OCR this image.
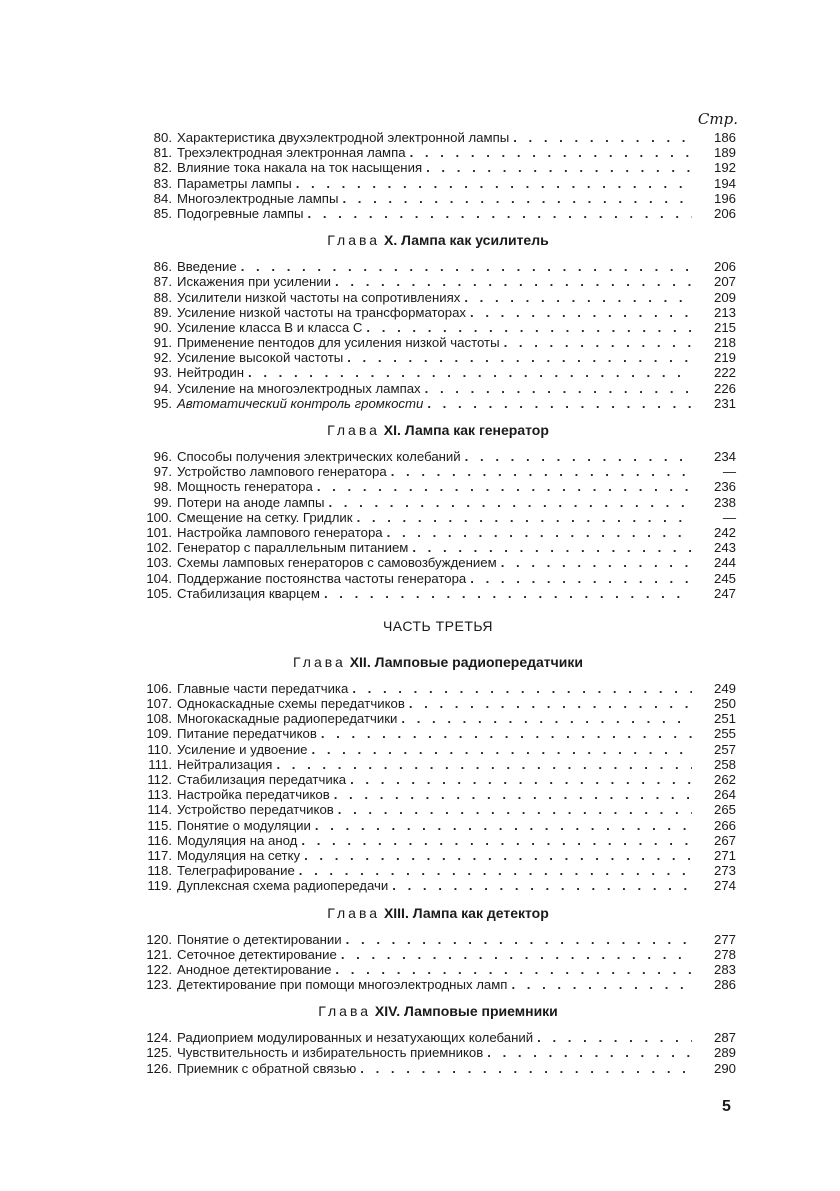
Стр.
80. Характеристика двухэлектродной электронной лампы . . .	186
81. Трехэлектродная электронная лампа . . .	189
82. Влияние тока накала на ток насыщения . . .	192
83. Параметры лампы . . .	194
84. Многоэлектродные лампы . . .	196
85. Подогревные лампы . . .	206
Глава X. Лампа как усилитель
86. Введение . . .	206
87. Искажения при усилении . . .	207
88. Усилители низкой частоты на сопротивлениях . . .	209
89. Усиление низкой частоты на трансформаторах . . .	213
90. Усиление класса B и класса C . . .	215
91. Применение пентодов для усиления низкой частоты . . .	218
92. Усиление высокой частоты . . .	219
93. Нейтродин . . .	222
94. Усиление на многоэлектродных лампах . . .	226
95. Автоматический контроль громкости . . .	231
Глава XI. Лампа как генератор
96. Способы получения электрических колебаний . . .	234
97. Устройство лампового генератора . . .	—
98. Мощность генератора . . .	236
99. Потери на аноде лампы . . .	238
100. Смещение на сетку. Гридлик . . .	—
101. Настройка лампового генератора . . .	242
102. Генератор с параллельным питанием . . .	243
103. Схемы ламповых генераторов с самовозбуждением . . .	244
104. Поддержание постоянства частоты генератора . . .	245
105. Стабилизация кварцем . . .	247
ЧАСТЬ ТРЕТЬЯ
Глава XII. Ламповые радиопередатчики
106. Главные части передатчика . . .	249
107. Однокаскадные схемы передатчиков . . .	250
108. Многокаскадные радиопередатчики . . .	251
109. Питание передатчиков . . .	255
110. Усиление и удвоение . . .	257
111. Нейтрализация . . .	258
112. Стабилизация передатчика . . .	262
113. Настройка передатчиков . . .	264
114. Устройство передатчиков . . .	265
115. Понятие о модуляции . . .	266
116. Модуляция на анод . . .	267
117. Модуляция на сетку . . .	271
118. Телеграфирование . . .	273
119. Дуплексная схема радиопередачи . . .	274
Глава XIII. Лампа как детектор
120. Понятие о детектировании . . .	277
121. Сеточное детектирование . . .	278
122. Анодное детектирование . . .	283
123. Детектирование при помощи многоэлектродных ламп . . .	286
Глава XIV. Ламповые приемники
124. Радиоприем модулированных и незатухающих колебаний . . .	287
125. Чувствительность и избирательность приемников . . .	289
126. Приемник с обратной связью . . .	290
5
